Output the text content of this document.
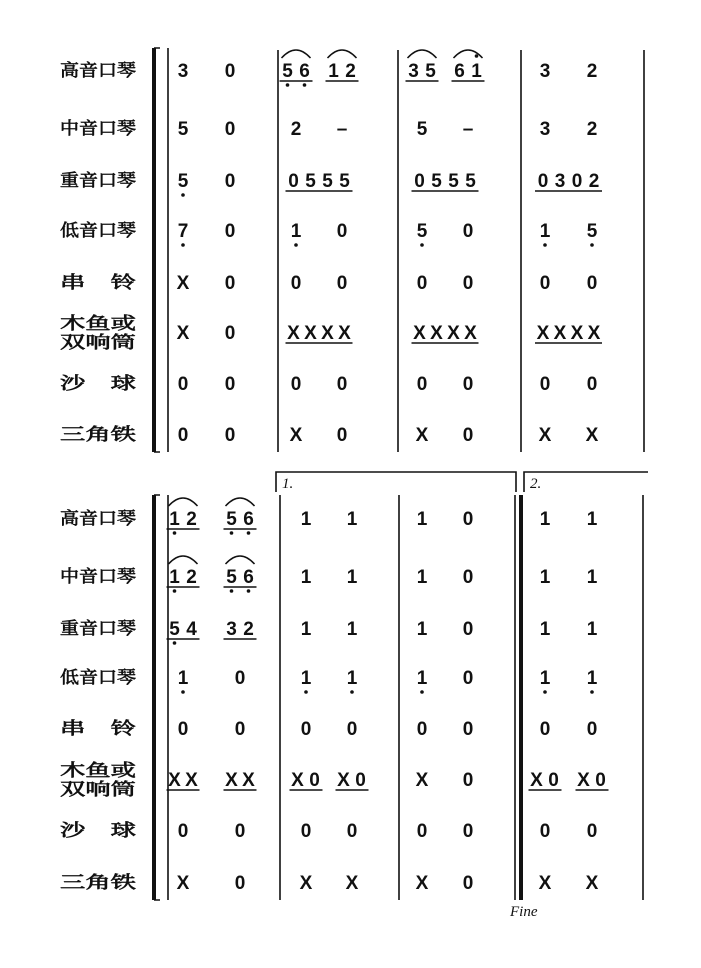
1.	2.
Fine
高音口琴
中音口琴
重音口琴
低音口琴
串　铃
木鱼或双响筒
沙　球
三角铁
高音口琴
中音口琴
重音口琴
低音口琴
串　铃
木鱼或双响筒
沙　球
三角铁
3 0
5 0
5 0
7 0
X 0
X 0
0 0
0 0
5 6 1 2
2 –
0 5 5 5
1 0
0 0
X X X X
0 0
X 0
3 5 6 1
5 –
0 5 5 5
5 0
0 0
X X X X
0 0
X 0
3 2
3 2
0 3 0 2
1 5
0 0
X X X X
0 0
X X
1 2 5 6
1 2 5 6
5 4 3 2
1 0
0 0
X X X X
0 0
X 0
1 1
1 1
1 1
1 1
0 0
X 0 X 0
0 0
X X
1 0
1 0
1 0
1 0
0 0
X 0
0 0
X 0
1 1
1 1
1 1
1 1
0 0
X 0 X 0
0 0
X X
